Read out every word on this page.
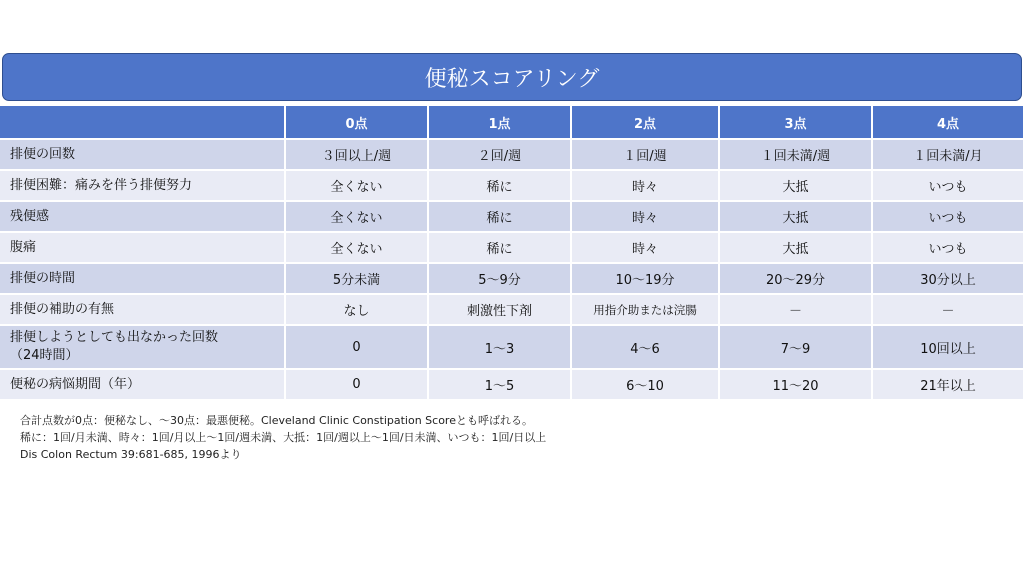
便秘スコアリング
	0点	1点	2点	3点	4点
排便の回数	３回以上/週	２回/週	１回/週	１回未満/週	１回未満/月
排便困難：痛みを伴う排便努力	全くない	稀に	時々	大抵	いつも
残便感	全くない	稀に	時々	大抵	いつも
腹痛	全くない	稀に	時々	大抵	いつも
排便の時間	5分未満	5～9分	10～19分	20～29分	30分以上
排便の補助の有無	なし	刺激性下剤	用指介助または浣腸	－	－
排便しようとしても出なかった回数
（24時間）	0	1～3	4～6	7～9	10回以上
便秘の病悩期間（年）	0	1～5	6～10	11～20	21年以上
合計点数が0点：便秘なし、～30点：最悪便秘。Cleveland Clinic Constipation Scoreとも呼ばれる。
稀に：1回/月未満、時々：1回/月以上～1回/週未満、大抵：1回/週以上～1回/日未満、いつも：1回/日以上
Dis Colon Rectum 39:681-685, 1996より
